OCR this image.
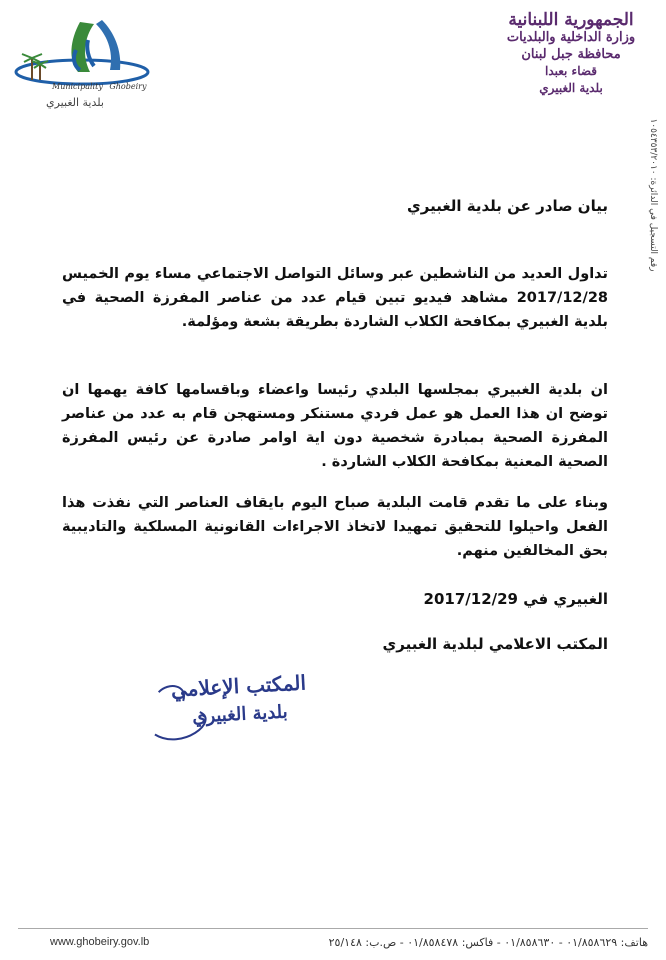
Municipality Ghobeiry
بلدية الغبيري
الجمهورية اللبنانية
وزارة الداخلية والبلديات
محافظة جبل لبنان
قضاء بعبدا
بلدية الغبيري
رقم التسجيل في الدائرة: ١٠٥٤٣٥٣/٢٠١٠
بيان صادر عن بلدية الغبيري
تداول العديد من الناشطين عبر وسائل التواصل الاجتماعي مساء يوم الخميس 2017/12/28 مشاهد فيديو تبين قيام عدد من عناصر المفرزة الصحية في بلدية الغبيري بمكافحة الكلاب الشاردة بطريقة بشعة ومؤلمة.
ان بلدية الغبيري بمجلسها البلدي رئيسا واعضاء وباقسامها كافة يهمها ان توضح ان هذا العمل هو عمل فردي مستنكر ومستهجن قام به عدد من عناصر المفرزة الصحية بمبادرة شخصية دون اية اوامر صادرة عن رئيس المفرزة الصحية المعنية بمكافحة الكلاب الشاردة .
وبناء على ما تقدم قامت البلدية صباح اليوم بايقاف العناصر التي نفذت هذا الفعل واحيلوا للتحقيق تمهيدا لاتخاذ الاجراءات القانونية المسلكية والتاديبية بحق المخالفين منهم.
الغبيري في 2017/12/29
المكتب الاعلامي لبلدية الغبيري
المكتب الإعلامي
بلدية الغبيري
www.ghobeiry.gov.lb	هاتف: ٠١/٨٥٨٦٢٩ - ٠١/٨٥٨٦٣٠ - فاكس: ٠١/٨٥٨٤٧٨ - ص.ب: ٢٥/١٤٨
